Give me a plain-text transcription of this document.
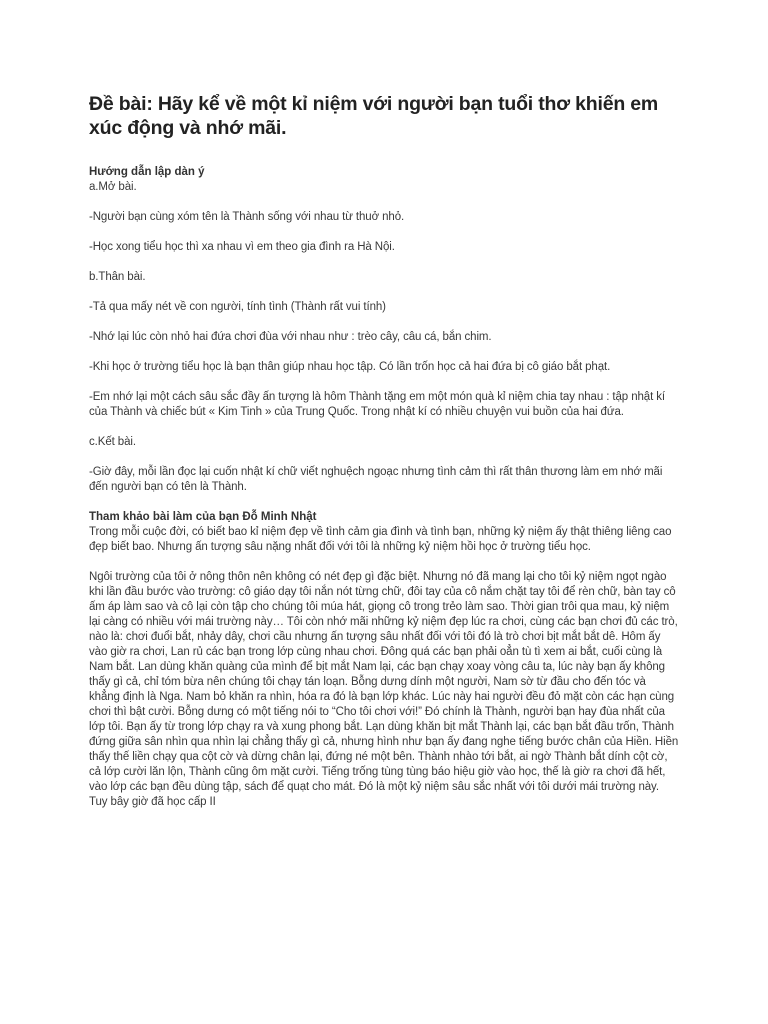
Đề bài: Hãy kể về một kỉ niệm với người bạn tuổi thơ khiến em xúc động và nhớ mãi.

Hướng dẫn lập dàn ý

a.Mở bài.

-Người bạn cùng xóm tên là Thành sống với nhau từ thuở nhỏ.

-Học xong tiểu học thì xa nhau vì em theo gia đình ra Hà Nội.

b.Thân bài.

-Tả qua mấy nét về con người, tính tình (Thành rất vui tính)

-Nhớ lại lúc còn nhỏ hai đứa chơi đùa với nhau như : trèo cây, câu cá, bắn chim.

-Khi học ở trường tiểu học là bạn thân giúp nhau học tập. Có lần trốn học cả hai đứa bị cô giáo bắt phạt.

-Em nhớ lại một cách sâu sắc đầy ấn tượng là hôm Thành tặng em một món quà kỉ niệm chia tay nhau : tập nhật kí của Thành và chiếc bút « Kim Tinh » của Trung Quốc. Trong nhật kí có nhiều chuyện vui buồn của hai đứa.

c.Kết bài.

-Giờ đây, mỗi lần đọc lại cuốn nhật kí chữ viết nghuệch ngoạc nhưng tình cảm thì rất thân thương làm em nhớ mãi đến người bạn có tên là Thành.

Tham khảo bài làm của bạn Đỗ Minh Nhật

Trong mỗi cuộc đời, có biết bao kỉ niệm đẹp về tình cảm gia đình và tình bạn, những kỷ niệm ấy thật thiêng liêng cao đẹp biết bao. Nhưng ấn tượng sâu nặng nhất đối với tôi là những kỷ niệm hồi học ở trường tiểu học.

Ngôi trường của tôi ở nông thôn nên không có nét đẹp gì đặc biệt. Nhưng nó đã mang lại cho tôi kỷ niệm ngọt ngào khi lần đầu bước vào trường: cô giáo dạy tôi nắn nót từng chữ, đôi tay của cô nắm chặt tay tôi để rèn chữ, bàn tay cô ấm áp làm sao và cô lại còn tập cho chúng tôi múa hát, giọng cô trong trẻo làm sao. Thời gian trôi qua mau, kỷ niệm lại càng có nhiều với mái trường này… Tôi còn nhớ mãi những kỷ niệm đẹp lúc ra chơi, cùng các bạn chơi đủ các trò, nào là: chơi đuổi bắt, nhảy dây, chơi cầu nhưng ấn tượng sâu nhất đối với tôi đó là trò chơi bịt mắt bắt dê. Hôm ấy vào giờ ra chơi, Lan rủ các bạn trong lớp cùng nhau chơi. Đông quá các bạn phải oẳn tù tì xem ai bắt, cuối cùng là Nam bắt. Lan dùng khăn quàng của mình để bịt mắt Nam lại, các bạn chạy xoay vòng câu ta, lúc này bạn ấy không thấy gì cả, chỉ tóm bừa nên chúng tôi chạy tán loạn. Bỗng dưng dính một người, Nam sờ từ đầu cho đến tóc và khẳng định là Nga. Nam bỏ khăn ra nhìn, hóa ra đó là bạn lớp khác. Lúc này hai người đều đỏ mặt còn các hạn cùng chơi thì bật cười. Bỗng dưng có một tiếng nói to “Cho tôi chơi với!” Đó chính là Thành, người bạn hay đùa nhất của lớp tôi. Bạn ấy từ trong lớp chạy ra và xung phong bắt. Lạn dùng khăn bịt mắt Thành lại, các bạn bắt đầu trốn, Thành đứng giữa sân nhìn qua nhìn lại chẳng thấy gì cả, nhưng hình như bạn ấy đang nghe tiếng bước chân của Hiền. Hiền thấy thế liền chạy qua cột cờ và dừng chân lại, đứng né một bên. Thành nhào tới bắt, ai ngờ Thành bắt dính cột cờ, cả lớp cười lăn lộn, Thành cũng ôm mặt cười. Tiếng trống tùng tùng báo hiệu giờ vào học, thế là giờ ra chơi đã hết, vào lớp các bạn đều dùng tập, sách để quạt cho mát. Đó là một kỷ niệm sâu sắc nhất với tôi dưới mái trường này. Tuy bây giờ đã học cấp II
